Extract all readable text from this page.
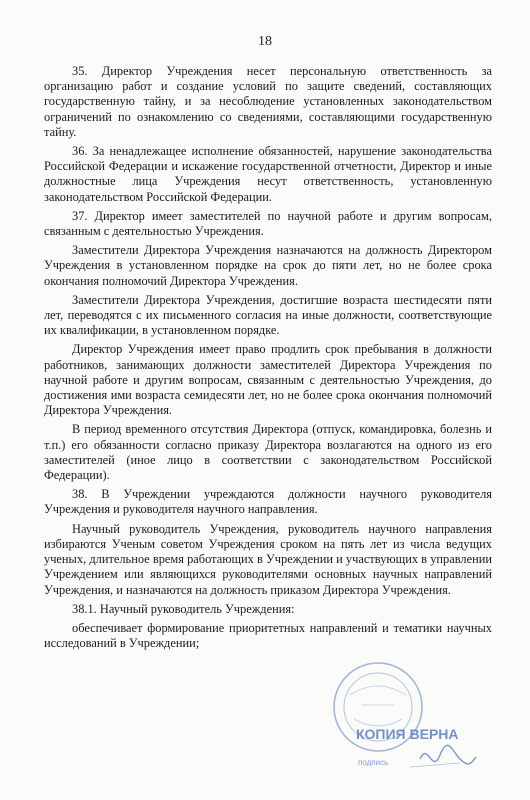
18

35. Директор Учреждения несет персональную ответственность за организацию работ и создание условий по защите сведений, составляющих государственную тайну, и за несоблюдение установленных законодательством ограничений по ознакомлению со сведениями, составляющими государственную тайну.

36. За ненадлежащее исполнение обязанностей, нарушение законодательства Российской Федерации и искажение государственной отчетности, Директор и иные должностные лица Учреждения несут ответственность, установленную законодательством Российской Федерации.

37. Директор имеет заместителей по научной работе и другим вопросам, связанным с деятельностью Учреждения.

Заместители Директора Учреждения назначаются на должность Директором Учреждения в установленном порядке на срок до пяти лет, но не более срока окончания полномочий Директора Учреждения.

Заместители Директора Учреждения, достигшие возраста шестидесяти пяти лет, переводятся с их письменного согласия на иные должности, соответствующие их квалификации, в установленном порядке.

Директор Учреждения имеет право продлить срок пребывания в должности работников, занимающих должности заместителей Директора Учреждения по научной работе и другим вопросам, связанным с деятельностью Учреждения, до достижения ими возраста семидесяти лет, но не более срока окончания полномочий Директора Учреждения.

В период временного отсутствия Директора (отпуск, командировка, болезнь и т.п.) его обязанности согласно приказу Директора возлагаются на одного из его заместителей (иное лицо в соответствии с законодательством Российской Федерации).

38. В Учреждении учреждаются должности научного руководителя Учреждения и руководителя научного направления.

Научный руководитель Учреждения, руководитель научного направления избираются Ученым советом Учреждения сроком на пять лет из числа ведущих ученых, длительное время работающих в Учреждении и участвующих в управлении Учреждением или являющихся руководителями основных научных направлений Учреждения, и назначаются на должность приказом Директора Учреждения.

38.1. Научный руководитель Учреждения:

обеспечивает формирование приоритетных направлений и тематики научных исследований в Учреждении;

КОПИЯ ВЕРНА
подпись
